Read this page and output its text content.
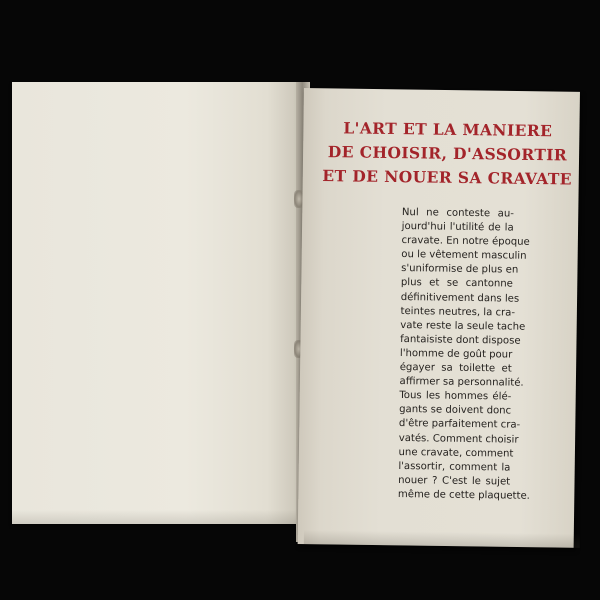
L'ART ET LA MANIERE
DE CHOISIR, D'ASSORTIR
ET DE NOUER SA CRAVATE

Nul ne conteste au-
jourd'hui l'utilité de la
cravate. En notre époque
ou le vêtement masculin
s'uniformise de plus en
plus et se cantonne
définitivement dans les
teintes neutres, la cra-
vate reste la seule tache
fantaisiste dont dispose
l'homme de goût pour
égayer sa toilette et
affirmer sa personnalité.
Tous les hommes élé-
gants se doivent donc
d'être parfaitement cra-
vatés. Comment choisir
une cravate, comment
l'assortir, comment la
nouer ? C'est le sujet
même de cette plaquette.
